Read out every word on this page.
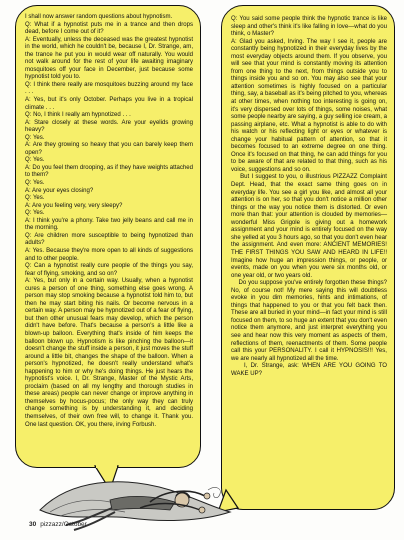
I shall now answer random questions about hypnotism.
Q: What if a hypnotist puts me in a trance and then drops dead, before I come out of it?
A: Eventually, unless the deceased was the greatest hypnotist in the world, which he couldn't be, because I, Dr. Strange, am, the trance he put you in would wear off naturally. You would not walk around for the rest of your life awaiting imaginary mosquitoes off your face in December, just because some hypnotist told you to.
Q: I think there really are mosquitoes buzzing around my face . . .
A: Yes, but it's only October. Perhaps you live in a tropical climate . . .
Q: No, I think I really am hypnotized . . .
A: Stare closely at these words. Are your eyelids growing heavy?
Q: Yes.
A: Are they growing so heavy that you can barely keep them open?
Q: Yes.
A: Do you feel them drooping, as if they have weights attached to them?
Q: Yes.
A: Are your eyes closing?
Q: Yes.
A: Are you feeling very, very sleepy?
Q: Yes.
A: I think you're a phony. Take two jelly beans and call me in the morning.
Q: Are children more susceptible to being hypnotized than adults?
A: Yes. Because they're more open to all kinds of suggestions and to other people.
Q: Can a hypnotist really cure people of the things you say, fear of flying, smoking, and so on?
A: Yes, but only in a certain way. Usually, when a hypnotist cures a person of one thing, something else goes wrong. A person may stop smoking because a hypnotist told him to, but then he may start biting his nails. Or become nervous in a certain way. A person may be hypnotized out of a fear of flying, but then other unusual fears may develop, which the person didn't have before. That's because a person's a little like a blown-up balloon. Everything that's inside of him keeps the balloon blown up. Hypnotism is like pinching the balloon—it doesn't change the stuff inside a person, it just moves the stuff around a little bit, changes the shape of the balloon. When a person's hypnotized, he doesn't really understand what's happening to him or why he's doing things. He just hears the hypnotist's voice. I, Dr. Strange, Master of the Mystic Arts, proclaim (based on all my lengthy and thorough studies in these areas) people can never change or improve anything in themselves by hocus-pocus; the only way they can truly change something is by understanding it, and deciding themselves, of their own free will, to change it. Thank you. One last question. OK, you there, irving Forbush.
Q: You said some people think the hypnotic trance is like sleep and other's think it's like falling in love—what do you think, o Master?
A: Glad you asked, Irving. The way I see it, people are constantly being hypnotized in their everyday lives by the most everyday objects around them. If you observe, you will see that your mind is constantly moving its attention from one thing to the next, from things outside you to things inside you and so on. You may also see that your attention sometimes is highly focused on a particular thing, say, a baseball as it's being pitched to you, whereas at other times, when nothing too interesting is going on, it's very dispersed over lots of things, some noises, what some people nearby are saying, a guy selling ice cream, a passing airplane, etc. What a hypnotist is able to do with his watch or his reflecting light or eyes or whatever is change your habitual pattern of attention, so that it becomes focused to an extreme degree on one thing. Once it's focused on that thing, he can add things for you to be aware of that are related to that thing, such as his voice, suggestions and so on.
But I suggest to you, o illustrious PIZZAZZ Complaint Dept. Head, that the exact same thing goes on in everyday life. You see a girl you like, and almost all your attention is on her, so that you don't notice a million other things or the way you notice them is distorted. Or even more than that: your attention is clouded by memories—wonderful Miss Grigole is giving out a homework assignment and your mind is entirely focused on the way she yelled at you 3 hours ago, so that you don't even hear the assignment. And even more: ANCIENT MEMORIES! THE FIRST THINGS YOU SAW AND HEARD IN LIFE!! Imagine how huge an impression things, or people, or events, made on you when you were six months old, or one year old, or two years old.
Do you suppose you've entirely forgotten these things? No, of course not! My mere saying this will doubtless evoke in you dim memories, hints and intimations, of things that happened to you or that you felt back then. These are all buried in your mind—in fact your mind is still focused on them, to so huge an extent that you don't even notice them anymore, and just interpret everything you see and hear now this very moment as aspects of them, reflections of them, reenactments of them. Some people call this your PERSONALITY. I call it HYPNOSIS!!! Yes, we are nearly all hypnotized all the time.
I, Dr. Strange, ask: WHEN ARE YOU GOING TO WAKE UP?
30 pizzazz/October
